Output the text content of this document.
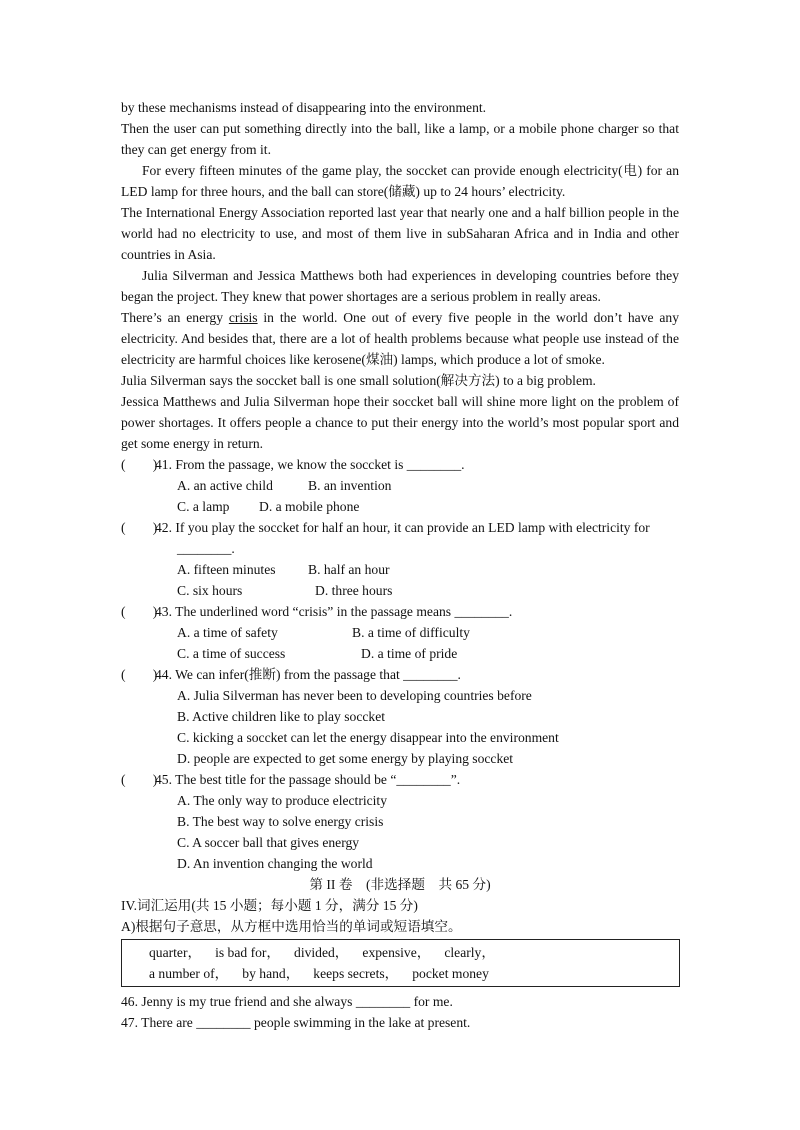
by these mechanisms instead of disappearing into the environment.

Then the user can put something directly into the ball, like a lamp, or a mobile phone charger so that they can get energy from it.

For every fifteen minutes of the game play, the soccket can provide enough electricity(电) for an LED lamp for three hours, and the ball can store(储藏) up to 24 hours’ electricity.

The International Energy Association reported last year that nearly one and a half billion people in the world had no electricity to use, and most of them live in subSaharan Africa and in India and other countries in Asia.

Julia Silverman and Jessica Matthews both had experiences in developing countries before they began the project. They knew that power shortages are a serious problem in really areas.

There’s an energy crisis in the world. One out of every five people in the world don’t have any electricity. And besides that, there are a lot of health problems because what people use instead of the electricity are harmful choices like kerosene(煤油) lamps, which produce a lot of smoke.

Julia Silverman says the soccket ball is one small solution(解决方法) to a big problem.

Jessica Matthews and Julia Silverman hope their soccket ball will shine more light on the problem of power shortages. It offers people a chance to put their energy into the world’s most popular sport and get some energy in return.

(        )
41. From the passage, we know the soccket is ________.
A. an active child	B. an invention
C. a lamp	D. a mobile phone
(        )
42. If you play the soccket for half an hour, it can provide an LED lamp with electricity for
________.
A. fifteen minutes	B. half an hour
C. six hours	D. three hours
(        )
43. The underlined word “crisis” in the passage means ________.
A. a time of safety	B. a time of difficulty
C. a time of success	D. a time of pride
(        )
44. We can infer(推断) from the passage that ________.
A. Julia Silverman has never been to developing countries before
B. Active children like to play soccket
C. kicking a soccket can let the energy disappear into the environment
D. people are expected to get some energy by playing soccket
(        )
45. The best title for the passage should be “________”.
A. The only way to produce electricity
B. The best way to solve energy crisis
C. A soccer ball that gives energy
D. An invention changing the world

第 II 卷　(非选择题　共 65 分)

IV.词汇运用(共 15 小题；每小题 1 分，满分 15 分)

A)根据句子意思，从方框中选用恰当的单词或短语填空。

quarter， is bad for， divided， expensive， clearly，
a number of， by hand， keeps secrets， pocket money

46. Jenny is my true friend and she always ________ for me.

47. There are ________ people swimming in the lake at present.
